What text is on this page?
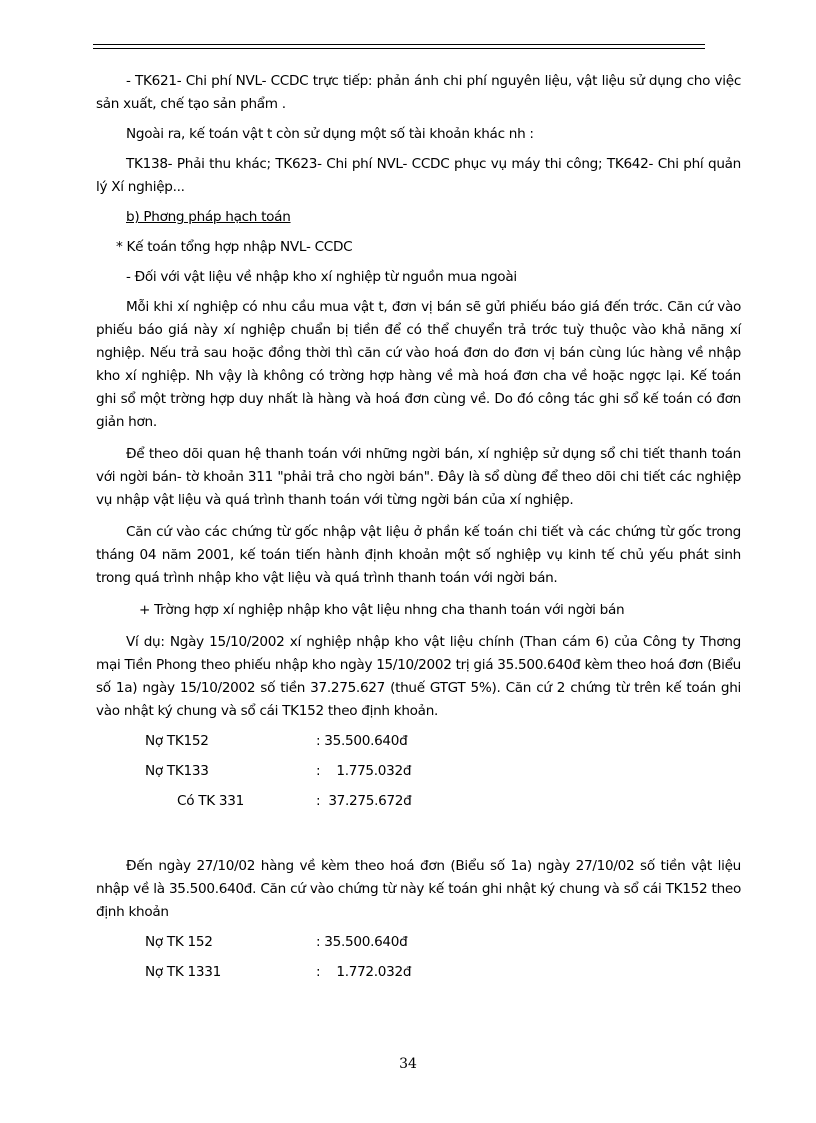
- TK621- Chi phí NVL- CCDC trực tiếp: phản ánh chi phí nguyên liệu, vật liệu sử dụng cho việc sản xuất, chế tạo sản phẩm .

Ngoài ra, kế toán vật t còn sử dụng một số tài khoản khác nh :

TK138- Phải thu khác; TK623- Chi phí NVL- CCDC phục vụ máy thi công; TK642- Chi phí quản lý Xí nghiệp...

b) Phơng pháp hạch toán

* Kế toán tổng hợp nhập NVL- CCDC

- Đối với vật liệu về nhập kho xí nghiệp từ nguồn mua ngoài

Mỗi khi xí nghiệp có nhu cầu mua vật t, đơn vị bán sẽ gửi phiếu báo giá đến trớc. Căn cứ vào phiếu báo giá này xí nghiệp chuẩn bị tiền để có thể chuyển trả trớc tuỳ thuộc vào khả năng xí nghiệp. Nếu trả sau hoặc đồng thời thì căn cứ vào hoá đơn do đơn vị bán cùng lúc hàng về nhập kho xí nghiệp. Nh vậy là không có trờng hợp hàng về mà hoá đơn cha về hoặc ngợc lại. Kế toán ghi sổ một trờng hợp duy nhất là hàng và hoá đơn cùng về. Do đó công tác ghi sổ kế toán có đơn giản hơn.

Để theo dõi quan hệ thanh toán với những ngời bán, xí nghiệp sử dụng sổ chi tiết thanh toán với ngời bán- tờ khoản 311 "phải trả cho ngời bán". Đây là sổ dùng để theo dõi chi tiết các nghiệp vụ nhập vật liệu và quá trình thanh toán với từng ngời bán của xí nghiệp.

Căn cứ vào các chứng từ gốc nhập vật liệu ở phần kế toán chi tiết và các chứng từ gốc trong tháng 04 năm 2001, kế toán tiến hành định khoản một số nghiệp vụ kinh tế chủ yếu phát sinh trong quá trình nhập kho vật liệu và quá trình thanh toán với ngời bán.

+ Trờng hợp xí nghiệp nhập kho vật liệu nhng cha thanh toán với ngời bán

Ví dụ: Ngày 15/10/2002 xí nghiệp nhập kho vật liệu chính (Than cám 6) của Công ty Thơng mại Tiền Phong theo phiếu nhập kho ngày 15/10/2002 trị giá 35.500.640đ kèm theo hoá đơn (Biểu số 1a) ngày 15/10/2002 số tiền 37.275.627 (thuế GTGT 5%). Căn cứ 2 chứng từ trên kế toán ghi vào nhật ký chung và sổ cái TK152 theo định khoản.

Nợ TK152	: 35.500.640đ
Nợ TK133	:    1.775.032đ
Có TK 331	:  37.275.672đ

Đến ngày 27/10/02 hàng về kèm theo hoá đơn (Biểu số 1a) ngày 27/10/02 số tiền vật liệu nhập về là 35.500.640đ. Căn cứ vào chứng từ này kế toán ghi nhật ký chung và sổ cái TK152 theo định khoản

Nợ TK 152	: 35.500.640đ
Nợ TK 1331	:    1.772.032đ
34
